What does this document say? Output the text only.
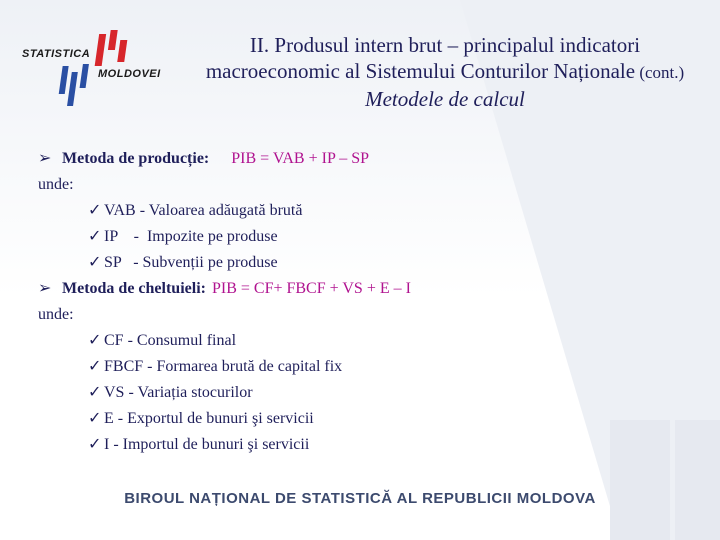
STATISTICA
MOLDOVEI
II. Produsul intern brut – principalul indicatori
macroeconomic al Sistemului Conturilor Naționale (cont.)
Metodele de calcul
➢ Metoda de producție: PIB = VAB + IP – SP
unde:
✓ VAB - Valoarea adăugată brută
✓ IP    -  Impozite pe produse
✓ SP   - Subvenții pe produse
➢ Metoda de cheltuieli: PIB = CF+ FBCF + VS + E – I
unde:
✓ CF - Consumul final
✓ FBCF - Formarea brută de capital fix
✓ VS - Variația stocurilor
✓ E - Exportul de bunuri şi servicii
✓ I - Importul de bunuri şi servicii
BIROUL NAȚIONAL DE STATISTICĂ AL REPUBLICII MOLDOVA
